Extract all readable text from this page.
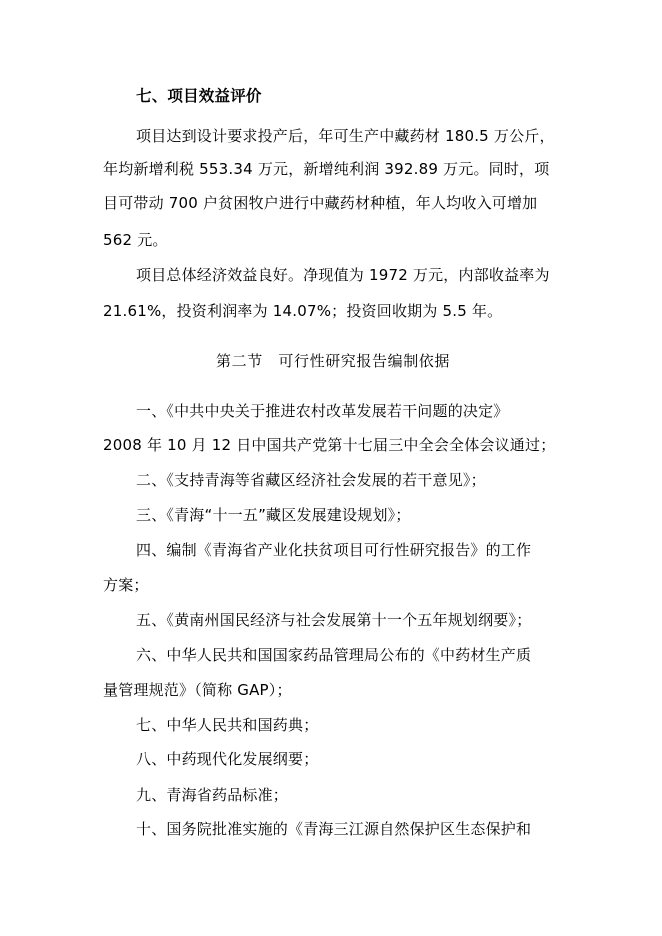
七、项目效益评价
项目达到设计要求投产后，年可生产中藏药材 180.5 万公斤，
年均新增利税 553.34 万元，新增纯利润 392.89 万元。同时，项
目可带动 700 户贫困牧户进行中藏药材种植，年人均收入可增加
562 元。
项目总体经济效益良好。净现值为 1972 万元，内部收益率为
21.61%，投资利润率为 14.07%；投资回收期为 5.5 年。
第二节　可行性研究报告编制依据
一、《中共中央关于推进农村改革发展若干问题的决定》
2008 年 10 月 12 日中国共产党第十七届三中全会全体会议通过；
二、《支持青海等省藏区经济社会发展的若干意见》；
三、《青海“十一五”藏区发展建设规划》；
四、编制《青海省产业化扶贫项目可行性研究报告》的工作
方案；
五、《黄南州国民经济与社会发展第十一个五年规划纲要》；
六、中华人民共和国国家药品管理局公布的《中药材生产质
量管理规范》（简称 GAP）；
七、中华人民共和国药典；
八、中药现代化发展纲要；
九、青海省药品标准；
十、国务院批准实施的《青海三江源自然保护区生态保护和
